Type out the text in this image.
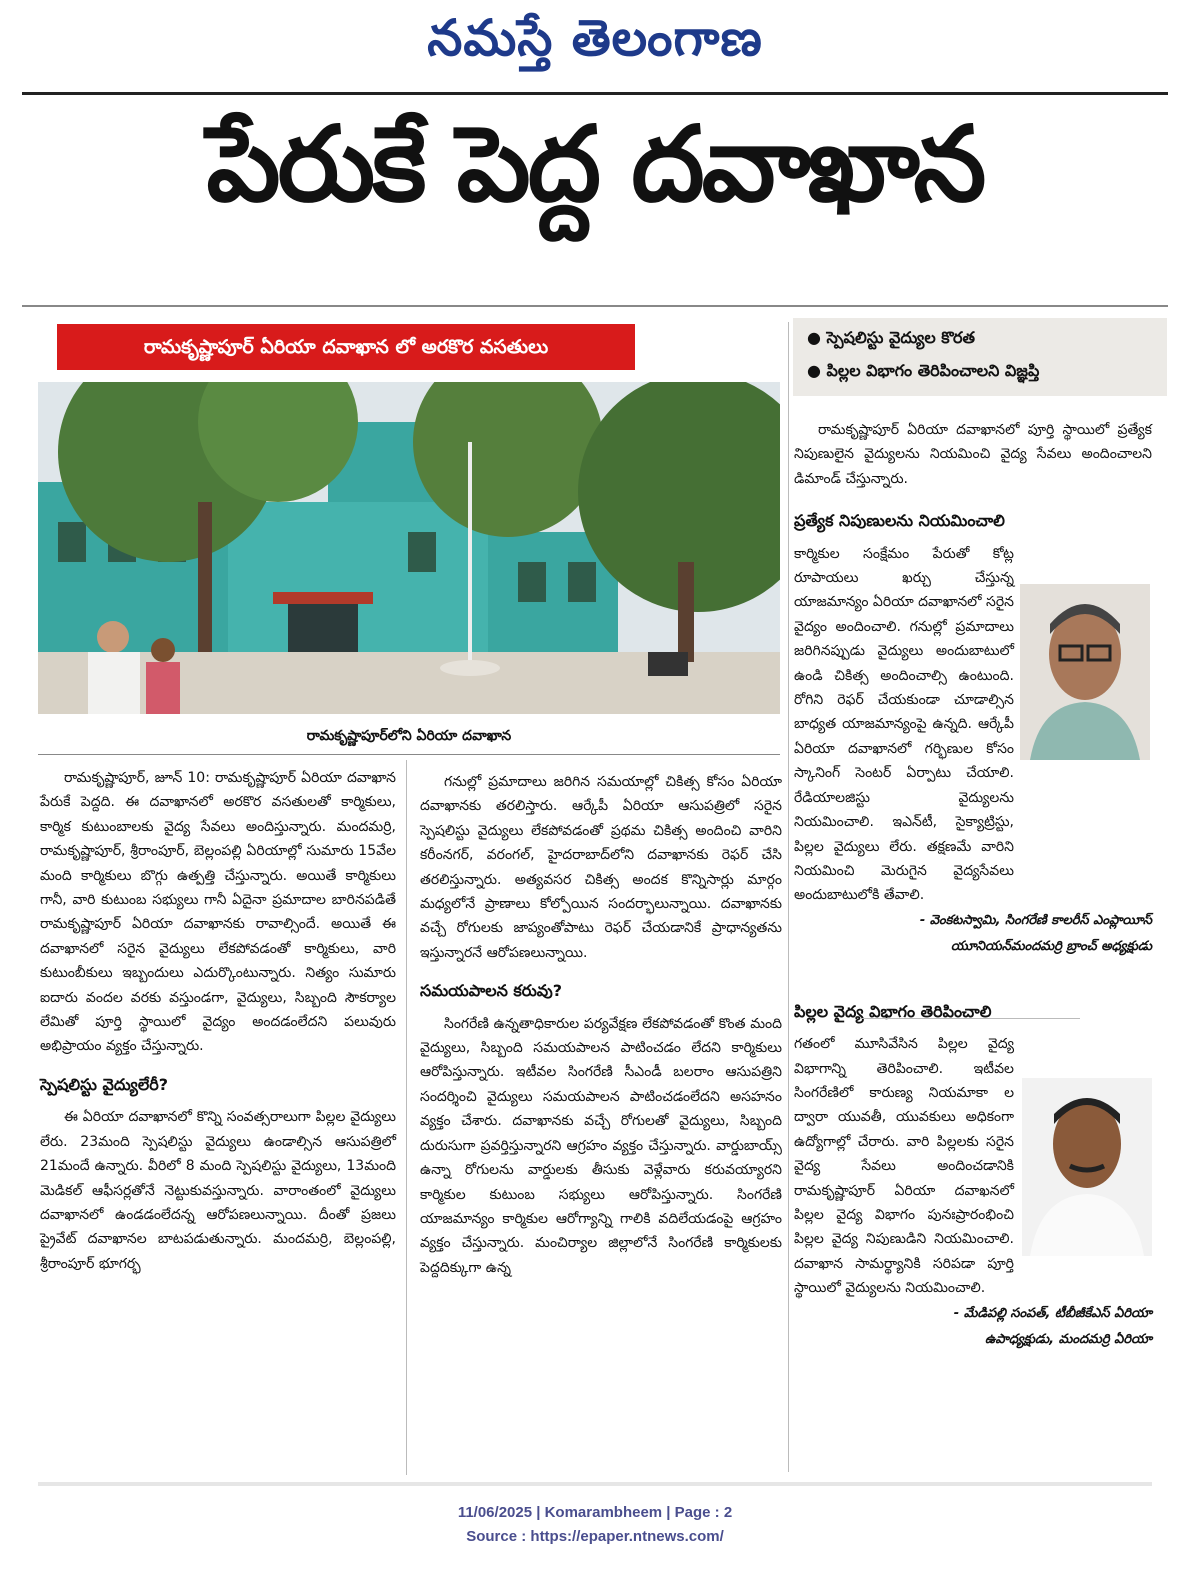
నమస్తే తెలంగాణ
పేరుకే పెద్ద దవాఖాన
రామకృష్ణాపూర్ ఏరియా దవాఖాన లో అరకొర వసతులు	● స్పెషలిస్టు వైద్యుల కొరత
● పిల్లల విభాగం తెరిపించాలని విజ్ఞప్తి
రామకృష్ణాపూర్‌లోని ఏరియా దవాఖాన

రామకృష్ణాపూర్, జూన్ 10: రామకృష్ణాపూర్ ఏరియా దవాఖాన పేరుకే పెద్దది. ఈ దవాఖానలో అరకొర వసతులతో కార్మికులు, కార్మిక కుటుంబాలకు వైద్య సేవలు అందిస్తున్నారు. మందమర్రి, రామకృష్ణాపూర్, శ్రీరాంపూర్, బెల్లంపల్లి ఏరియాల్లో సుమారు 15వేల మంది కార్మికులు బొగ్గు ఉత్పత్తి చేస్తున్నారు. అయితే కార్మికులు గానీ, వారి కుటుంబ సభ్యులు గానీ ఏదైనా ప్రమాదాల బారినపడితే రామకృష్ణాపూర్ ఏరియా దవాఖానకు రావాల్సిందే. అయితే ఈ దవాఖానలో సరైన వైద్యులు లేకపోవడంతో కార్మికులు, వారి కుటుంబీకులు ఇబ్బందులు ఎదుర్కొంటున్నారు. నిత్యం సుమారు ఐదారు వందల వరకు వస్తుండగా, వైద్యులు, సిబ్బంది సౌకర్యాల లేమితో పూర్తి స్థాయిలో వైద్యం అందడంలేదని పలువురు అభిప్రాయం వ్యక్తం చేస్తున్నారు.

స్పెషలిస్టు వైద్యులేరీ?

ఈ ఏరియా దవాఖానలో కొన్ని సంవత్సరాలుగా పిల్లల వైద్యులు లేరు. 23మంది స్పెషలిస్టు వైద్యులు ఉండాల్సిన ఆసుపత్రిలో 21మందే ఉన్నారు. వీరిలో 8 మంది స్పెషలిస్టు వైద్యులు, 13మంది మెడికల్ ఆఫీసర్లతోనే నెట్టుకువస్తున్నారు. వారాంతంలో వైద్యులు దవాఖానలో ఉండడంలేదన్న ఆరోపణలున్నాయి. దీంతో ప్రజలు ప్రైవేట్ దవాఖానల బాటపడుతున్నారు. మందమర్రి, బెల్లంపల్లి, శ్రీరాంపూర్ భూగర్భ

గనుల్లో ప్రమాదాలు జరిగిన సమయాల్లో చికిత్స కోసం ఏరియా దవాఖానకు తరలిస్తారు. ఆర్కేపీ ఏరియా ఆసుపత్రిలో సరైన స్పెషలిస్టు వైద్యులు లేకపోవడంతో ప్రథమ చికిత్స అందించి వారిని కరీంనగర్, వరంగల్, హైదరాబాద్‌లోని దవాఖానకు రెఫర్ చేసి తరలిస్తున్నారు. అత్యవసర చికిత్స అందక కొన్నిసార్లు మార్గం మధ్యలోనే ప్రాణాలు కోల్పోయిన సందర్భాలున్నాయి. దవాఖానకు వచ్చే రోగులకు జాప్యంతోపాటు రెఫర్ చేయడానికే ప్రాధాన్యతను ఇస్తున్నారనే ఆరోపణలున్నాయి.

సమయపాలన కరువు?

సింగరేణి ఉన్నతాధికారుల పర్యవేక్షణ లేకపోవడంతో కొంత మంది వైద్యులు, సిబ్బంది సమయపాలన పాటించడం లేదని కార్మికులు ఆరోపిస్తున్నారు. ఇటీవల సింగరేణి సీఎండీ బలరాం ఆసుపత్రిని సందర్శించి వైద్యులు సమయపాలన పాటించడంలేదని అసహనం వ్యక్తం చేశారు. దవాఖానకు వచ్చే రోగులతో వైద్యులు, సిబ్బంది దురుసుగా ప్రవర్తిస్తున్నారని ఆగ్రహం వ్యక్తం చేస్తున్నారు. వార్డుబాయ్స్ ఉన్నా రోగులను వార్డులకు తీసుకు వెళ్లేవారు కరువయ్యారని కార్మికుల కుటుంబ సభ్యులు ఆరోపిస్తున్నారు. సింగరేణి యాజమాన్యం కార్మికుల ఆరోగ్యాన్ని గాలికి వదిలేయడంపై ఆగ్రహం వ్యక్తం చేస్తున్నారు. మంచిర్యాల జిల్లాలోనే సింగరేణి కార్మికులకు పెద్దదిక్కుగా ఉన్న

రామకృష్ణాపూర్ ఏరియా దవాఖానలో పూర్తి స్థాయిలో ప్రత్యేక నిపుణులైన వైద్యులను నియమించి వైద్య సేవలు అందించాలని డిమాండ్ చేస్తున్నారు.

ప్రత్యేక నిపుణులను నియమించాలి

కార్మికుల సంక్షేమం పేరుతో కోట్ల రూపాయలు ఖర్చు చేస్తున్న యాజమాన్యం ఏరియా దవాఖానలో సరైన వైద్యం అందించాలి. గనుల్లో ప్రమాదాలు జరిగినప్పుడు వైద్యులు అందుబాటులో ఉండి చికిత్స అందించాల్సి ఉంటుంది. రోగిని రెఫర్ చేయకుండా చూడాల్సిన బాధ్యత యాజమాన్యంపై ఉన్నది. ఆర్కేపీ ఏరియా దవాఖానలో గర్భిణుల కోసం స్కానింగ్ సెంటర్ ఏర్పాటు చేయాలి. రేడియాలజిస్టు వైద్యులను నియమించాలి. ఇఎన్‌టీ, సైక్యాట్రిస్టు, పిల్లల వైద్యులు లేరు. తక్షణమే వారిని నియమించి మెరుగైన వైద్యసేవలు అందుబాటులోకి తేవాలి.

- వెంకటస్వామి, సింగరేణి కాలరీస్ ఎంప్లాయీస్
యూనియన్‌మందమర్రి బ్రాంచ్ అధ్యక్షుడు
పిల్లల వైద్య విభాగం తెరిపించాలి

గతంలో మూసివేసిన పిల్లల వైద్య విభాగాన్ని తెరిపించాలి. ఇటీవల సింగరేణిలో కారుణ్య నియమాకా ల ద్వారా యువతీ, యువకులు అధికంగా ఉద్యోగాల్లో చేరారు. వారి పిల్లలకు సరైన వైద్య సేవలు అందించడానికి రామకృష్ణాపూర్ ఏరియా దవాఖనలో పిల్లల వైద్య విభాగం పునఃప్రారంభించి పిల్లల వైద్య నిపుణుడిని నియమించాలి. దవాఖాన సామర్థ్యానికి సరిపడా పూర్తి స్థాయిలో వైద్యులను నియమించాలి.

- మేడిపల్లి సంపత్, టీబీజీకేఎస్ ఏరియా
ఉపాధ్యక్షుడు, మందమర్రి ఏరియా
11/06/2025 | Komarambheem | Page : 2
Source : https://epaper.ntnews.com/
